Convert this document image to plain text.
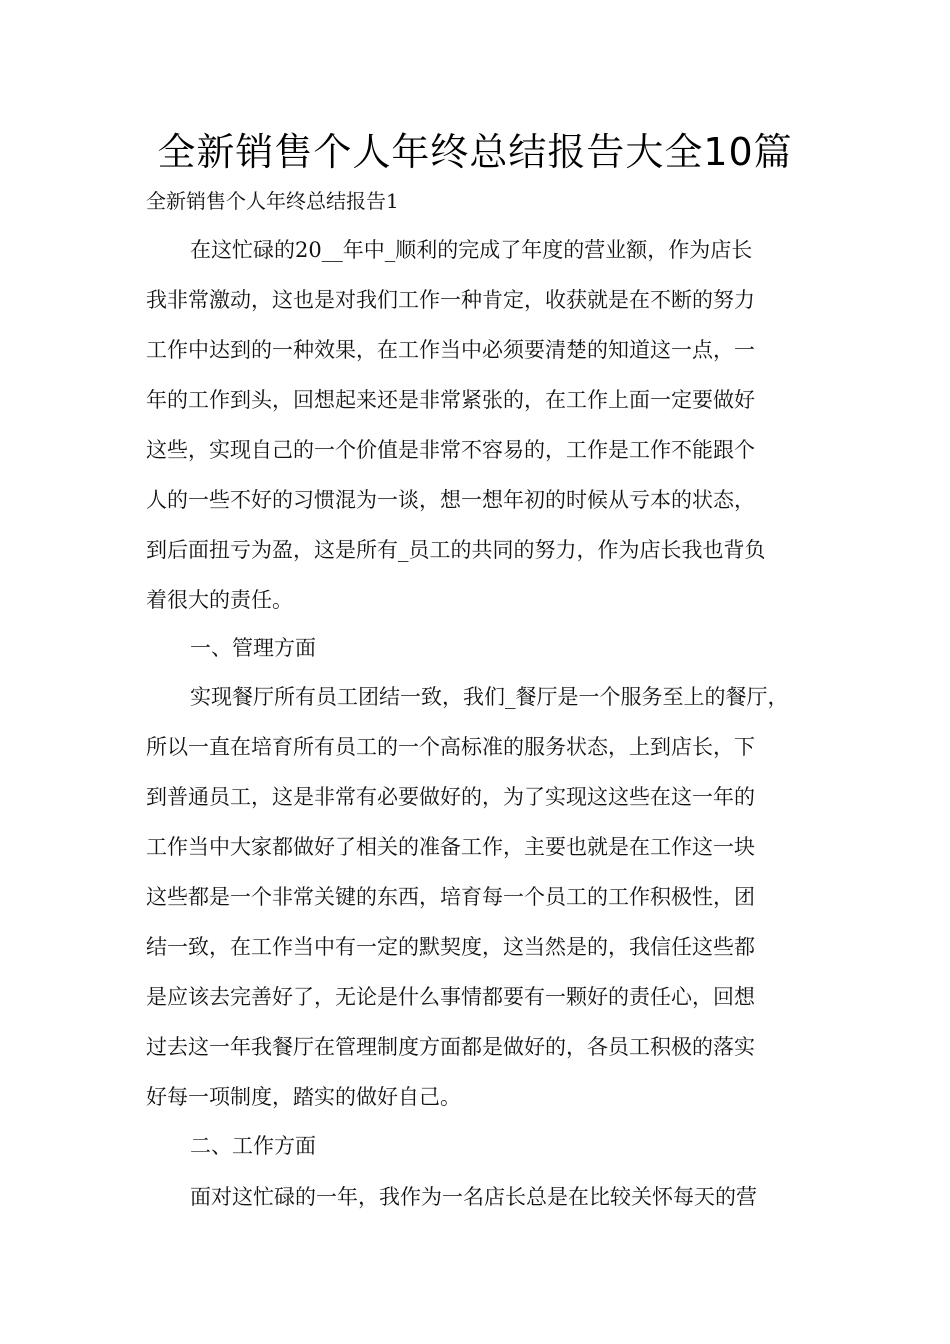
全新销售个人年终总结报告大全10篇

全新销售个人年终总结报告1

在这忙碌的20__年中_顺利的完成了年度的营业额，作为店长
我非常激动，这也是对我们工作一种肯定，收获就是在不断的努力
工作中达到的一种效果，在工作当中必须要清楚的知道这一点，一
年的工作到头，回想起来还是非常紧张的，在工作上面一定要做好
这些，实现自己的一个价值是非常不容易的，工作是工作不能跟个
人的一些不好的习惯混为一谈，想一想年初的时候从亏本的状态，
到后面扭亏为盈，这是所有_员工的共同的努力，作为店长我也背负
着很大的责任。
一、管理方面
实现餐厅所有员工团结一致，我们_餐厅是一个服务至上的餐厅，
所以一直在培育所有员工的一个高标准的服务状态，上到店长，下
到普通员工，这是非常有必要做好的，为了实现这这些在这一年的
工作当中大家都做好了相关的准备工作，主要也就是在工作这一块
这些都是一个非常关键的东西，培育每一个员工的工作积极性，团
结一致，在工作当中有一定的默契度，这当然是的，我信任这些都
是应该去完善好了，无论是什么事情都要有一颗好的责任心，回想
过去这一年我餐厅在管理制度方面都是做好的，各员工积极的落实
好每一项制度，踏实的做好自己。
二、工作方面
面对这忙碌的一年，我作为一名店长总是在比较关怀每天的营
